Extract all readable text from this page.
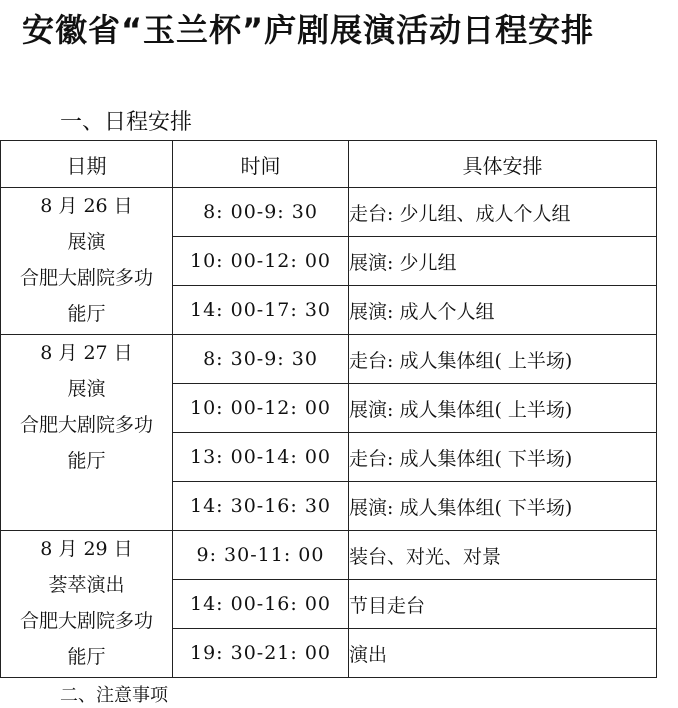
安徽省“玉兰杯”庐剧展演活动日程安排
一、日程安排
日期	时间	具体安排

8 月 26 日
展演
合肥大剧院多功
能厅	8: 00-9: 30	走台: 少儿组、成人个人组
	10: 00-12: 00	展演: 少儿组
	14: 00-17: 30	展演: 成人个人组

8 月 27 日
展演
合肥大剧院多功
能厅	8: 30-9: 30	走台: 成人集体组( 上半场)
	10: 00-12: 00	展演: 成人集体组( 上半场)
	13: 00-14: 00	走台: 成人集体组( 下半场)
	14: 30-16: 30	展演: 成人集体组( 下半场)

8 月 29 日
荟萃演出
合肥大剧院多功
能厅	9: 30-11: 00	装台、对光、对景
	14: 00-16: 00	节目走台
	19: 30-21: 00	演出
二、注意事项
